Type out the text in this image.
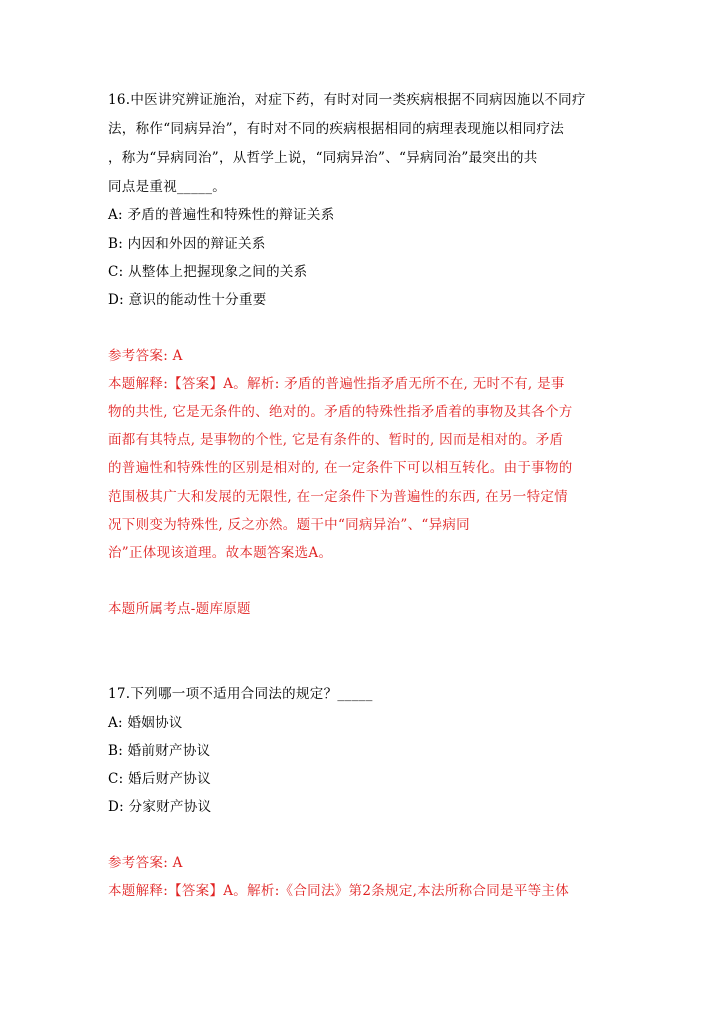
16.中医讲究辨证施治，对症下药，有时对同一类疾病根据不同病因施以不同疗
法，称作“同病异治”，有时对不同的疾病根据相同的病理表现施以相同疗法
，称为“异病同治”，从哲学上说，“同病异治”、“异病同治”最突出的共
同点是重视_____。
A: 矛盾的普遍性和特殊性的辩证关系
B: 内因和外因的辩证关系
C: 从整体上把握现象之间的关系
D: 意识的能动性十分重要
参考答案: A
本题解释:【答案】A。解析: 矛盾的普遍性指矛盾无所不在, 无时不有, 是事
物的共性, 它是无条件的、绝对的。矛盾的特殊性指矛盾着的事物及其各个方
面都有其特点, 是事物的个性, 它是有条件的、暂时的, 因而是相对的。矛盾
的普遍性和特殊性的区别是相对的, 在一定条件下可以相互转化。由于事物的
范围极其广大和发展的无限性, 在一定条件下为普遍性的东西, 在另一特定情
况下则变为特殊性, 反之亦然。题干中“同病异治”、“异病同
治”正体现该道理。故本题答案选A。
本题所属考点-题库原题
17.下列哪一项不适用合同法的规定？_____
A: 婚姻协议
B: 婚前财产协议
C: 婚后财产协议
D: 分家财产协议
参考答案: A
本题解释:【答案】A。解析:《合同法》第2条规定,本法所称合同是平等主体
